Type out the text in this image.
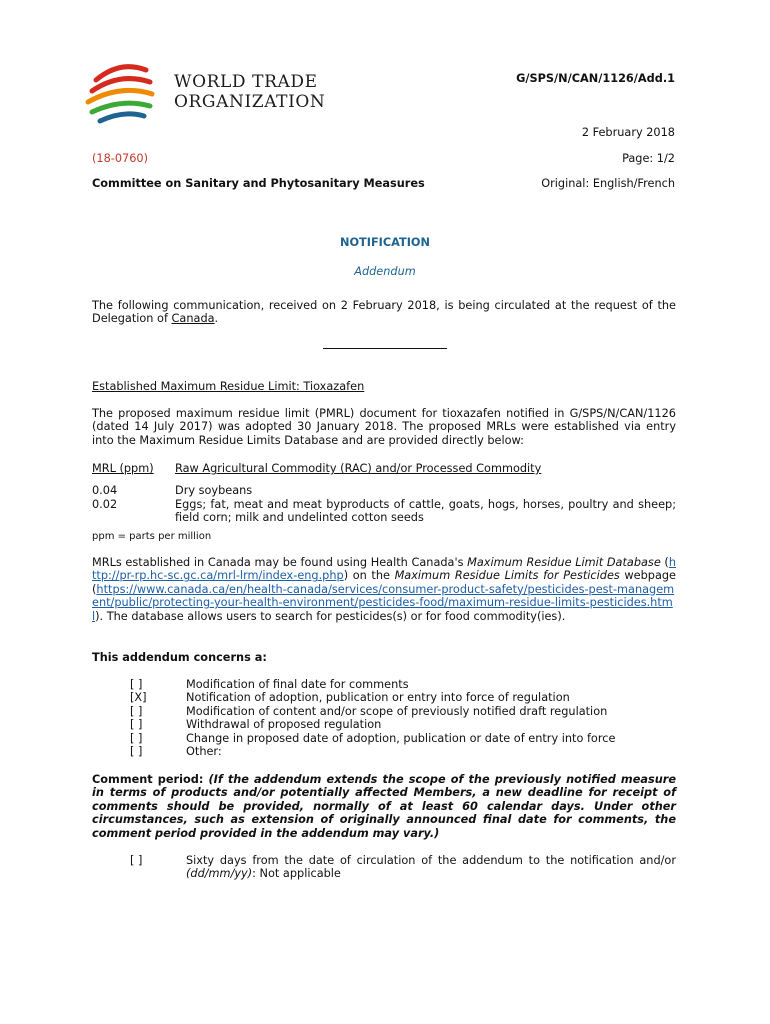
WORLD TRADE
ORGANIZATION
G/SPS/N/CAN/1126/Add.1
2 February 2018
(18-0760)	Page: 1/2
Committee on Sanitary and Phytosanitary Measures	Original: English/French
NOTIFICATION
Addendum
The following communication, received on 2 February 2018, is being circulated at the request of the Delegation of Canada.
Established Maximum Residue Limit: Tioxazafen
The proposed maximum residue limit (PMRL) document for tioxazafen notified in G/SPS/N/CAN/1126 (dated 14 July 2017) was adopted 30 January 2018. The proposed MRLs were established via entry into the Maximum Residue Limits Database and are provided directly below:
MRL (ppm)	Raw Agricultural Commodity (RAC) and/or Processed Commodity
0.04	Dry soybeans
0.02	Eggs; fat, meat and meat byproducts of cattle, goats, hogs, horses, poultry and sheep; field corn; milk and undelinted cotton seeds
ppm = parts per million
MRLs established in Canada may be found using Health Canada's Maximum Residue Limit Database (http://pr-rp.hc-sc.gc.ca/mrl-lrm/index-eng.php) on the Maximum Residue Limits for Pesticides webpage (https://www.canada.ca/en/health-canada/services/consumer-product-safety/pesticides-pest-management/public/protecting-your-health-environment/pesticides-food/maximum-residue-limits-pesticides.html). The database allows users to search for pesticides(s) or for food commodity(ies).
This addendum concerns a:
[ ]	Modification of final date for comments
[X]	Notification of adoption, publication or entry into force of regulation
[ ]	Modification of content and/or scope of previously notified draft regulation
[ ]	Withdrawal of proposed regulation
[ ]	Change in proposed date of adoption, publication or date of entry into force
[ ]	Other:
Comment period: (If the addendum extends the scope of the previously notified measure in terms of products and/or potentially affected Members, a new deadline for receipt of comments should be provided, normally of at least 60 calendar days. Under other circumstances, such as extension of originally announced final date for comments, the comment period provided in the addendum may vary.)
[ ]	Sixty days from the date of circulation of the addendum to the notification and/or (dd/mm/yy): Not applicable
